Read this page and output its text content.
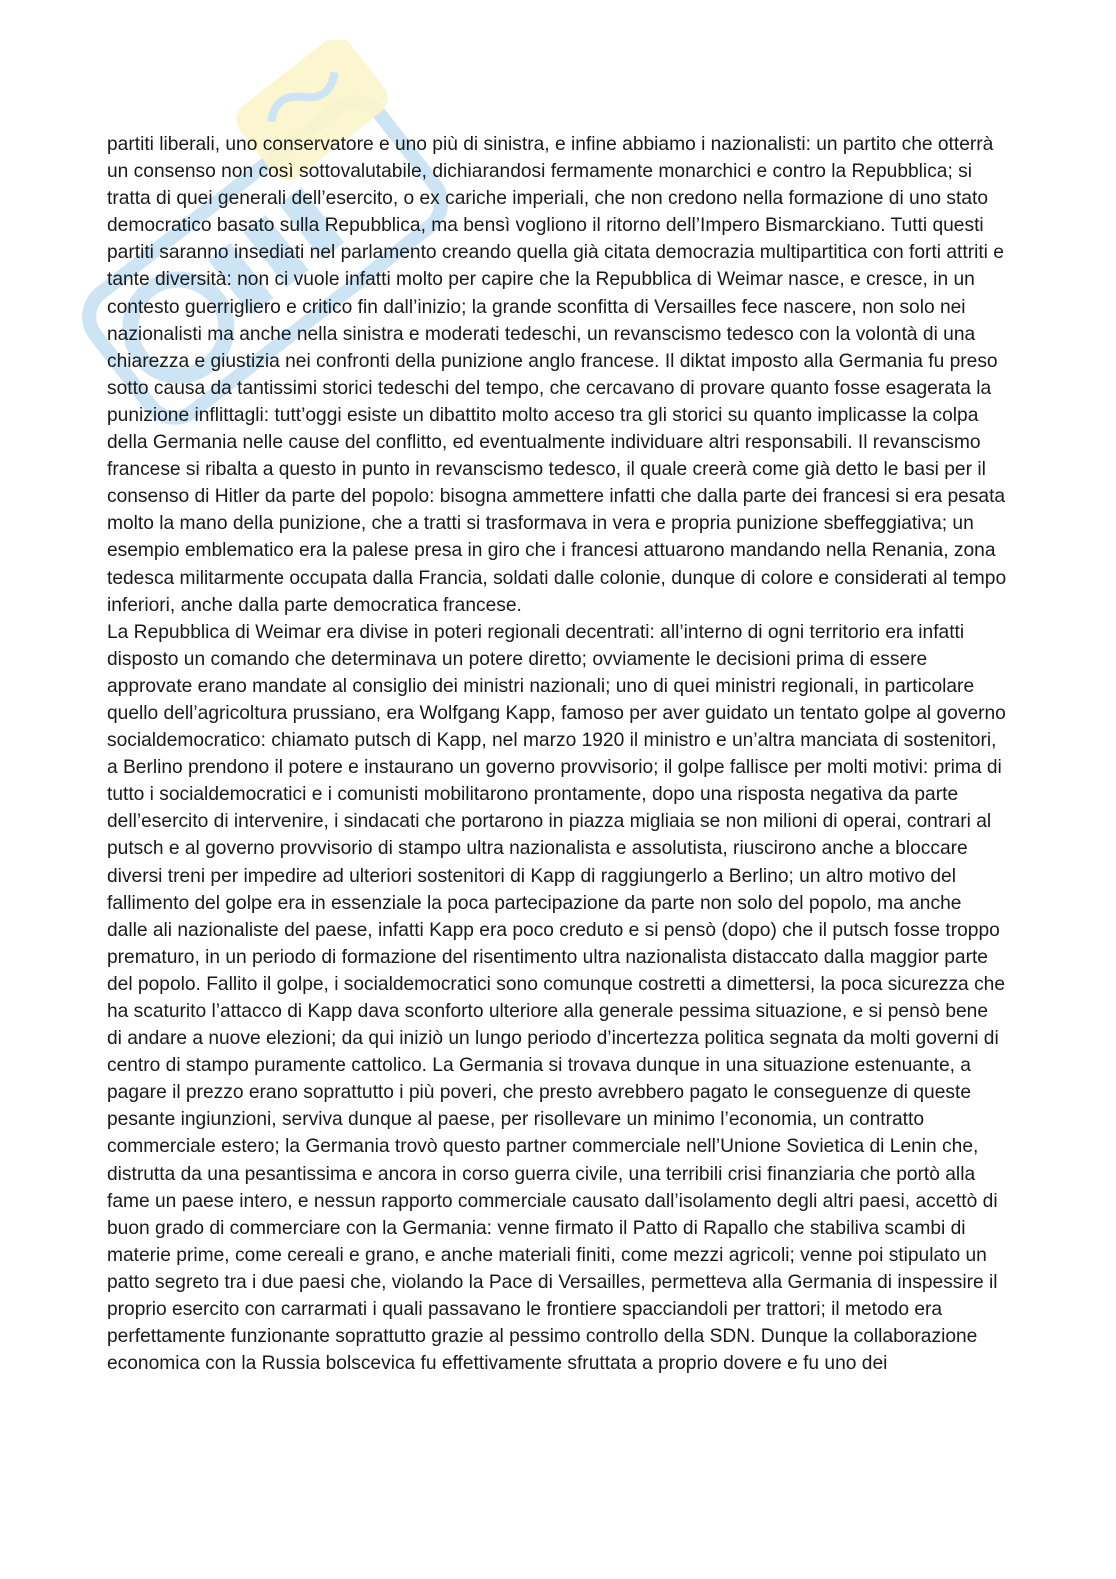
partiti liberali, uno conservatore e uno più di sinistra, e infine abbiamo i nazionalisti: un partito che otterrà un consenso non così sottovalutabile, dichiarandosi fermamente monarchici e contro la Repubblica; si tratta di quei generali dell’esercito, o ex cariche imperiali, che non credono nella formazione di uno stato democratico basato sulla Repubblica, ma bensì vogliono il ritorno dell’Impero Bismarckiano. Tutti questi partiti saranno insediati nel parlamento creando quella già citata democrazia multipartitica con forti attriti e tante diversità: non ci vuole infatti molto per capire che la Repubblica di Weimar nasce, e cresce, in un contesto guerrigliero e critico fin dall’inizio; la grande sconfitta di Versailles fece nascere, non solo nei nazionalisti ma anche nella sinistra e moderati tedeschi, un revanscismo tedesco con la volontà di una chiarezza e giustizia nei confronti della punizione anglo francese. Il diktat imposto alla Germania fu preso sotto causa da tantissimi storici tedeschi del tempo, che cercavano di provare quanto fosse esagerata la punizione inflittagli: tutt’oggi esiste un dibattito molto acceso tra gli storici su quanto implicasse la colpa della Germania nelle cause del conflitto, ed eventualmente individuare altri responsabili. Il revanscismo francese si ribalta a questo in punto in revanscismo tedesco, il quale creerà come già detto le basi per il consenso di Hitler da parte del popolo: bisogna ammettere infatti che dalla parte dei francesi si era pesata molto la mano della punizione, che a tratti si trasformava in vera e propria punizione sbeffeggiativa; un esempio emblematico era la palese presa in giro che i francesi attuarono mandando nella Renania, zona tedesca militarmente occupata dalla Francia, soldati dalle colonie, dunque di colore e considerati al tempo inferiori, anche dalla parte democratica francese.

La Repubblica di Weimar era divise in poteri regionali decentrati: all’interno di ogni territorio era infatti disposto un comando che determinava un potere diretto; ovviamente le decisioni prima di essere approvate erano mandate al consiglio dei ministri nazionali; uno di quei ministri regionali, in particolare quello dell’agricoltura prussiano, era Wolfgang Kapp, famoso per aver guidato un tentato golpe al governo socialdemocratico: chiamato putsch di Kapp, nel marzo 1920 il ministro e un’altra manciata di sostenitori, a Berlino prendono il potere e instaurano un governo provvisorio; il golpe fallisce per molti motivi: prima di tutto i socialdemocratici e i comunisti mobilitarono prontamente, dopo una risposta negativa da parte dell’esercito di intervenire, i sindacati che portarono in piazza migliaia se non milioni di operai, contrari al putsch e al governo provvisorio di stampo ultra nazionalista e assolutista, riuscirono anche a bloccare diversi treni per impedire ad ulteriori sostenitori di Kapp di raggiungerlo a Berlino; un altro motivo del fallimento del golpe era in essenziale la poca partecipazione da parte non solo del popolo, ma anche dalle ali nazionaliste del paese, infatti Kapp era poco creduto e si pensò (dopo) che il putsch fosse troppo prematuro, in un periodo di formazione del risentimento ultra nazionalista distaccato dalla maggior parte del popolo. Fallito il golpe, i socialdemocratici sono comunque costretti a dimettersi, la poca sicurezza che ha scaturito l’attacco di Kapp dava sconforto ulteriore alla generale pessima situazione, e si pensò bene di andare a nuove elezioni; da qui iniziò un lungo periodo d’incertezza politica segnata da molti governi di centro di stampo puramente cattolico. La Germania si trovava dunque in una situazione estenuante, a pagare il prezzo erano soprattutto i più poveri, che presto avrebbero pagato le conseguenze di queste pesante ingiunzioni, serviva dunque al paese, per risollevare un minimo l’economia, un contratto commerciale estero; la Germania trovò questo partner commerciale nell’Unione Sovietica di Lenin che, distrutta da una pesantissima e ancora in corso guerra civile, una terribili crisi finanziaria che portò alla fame un paese intero, e nessun rapporto commerciale causato dall’isolamento degli altri paesi, accettò di buon grado di commerciare con la Germania: venne firmato il Patto di Rapallo che stabiliva scambi di materie prime, come cereali e grano, e anche materiali finiti, come mezzi agricoli; venne poi stipulato un patto segreto tra i due paesi che, violando la Pace di Versailles, permetteva alla Germania di inspessire il proprio esercito con carrarmati i quali passavano le frontiere spacciandoli per trattori; il metodo era perfettamente funzionante soprattutto grazie al pessimo controllo della SDN. Dunque la collaborazione economica con la Russia bolscevica fu effettivamente sfruttata a proprio dovere e fu uno dei
